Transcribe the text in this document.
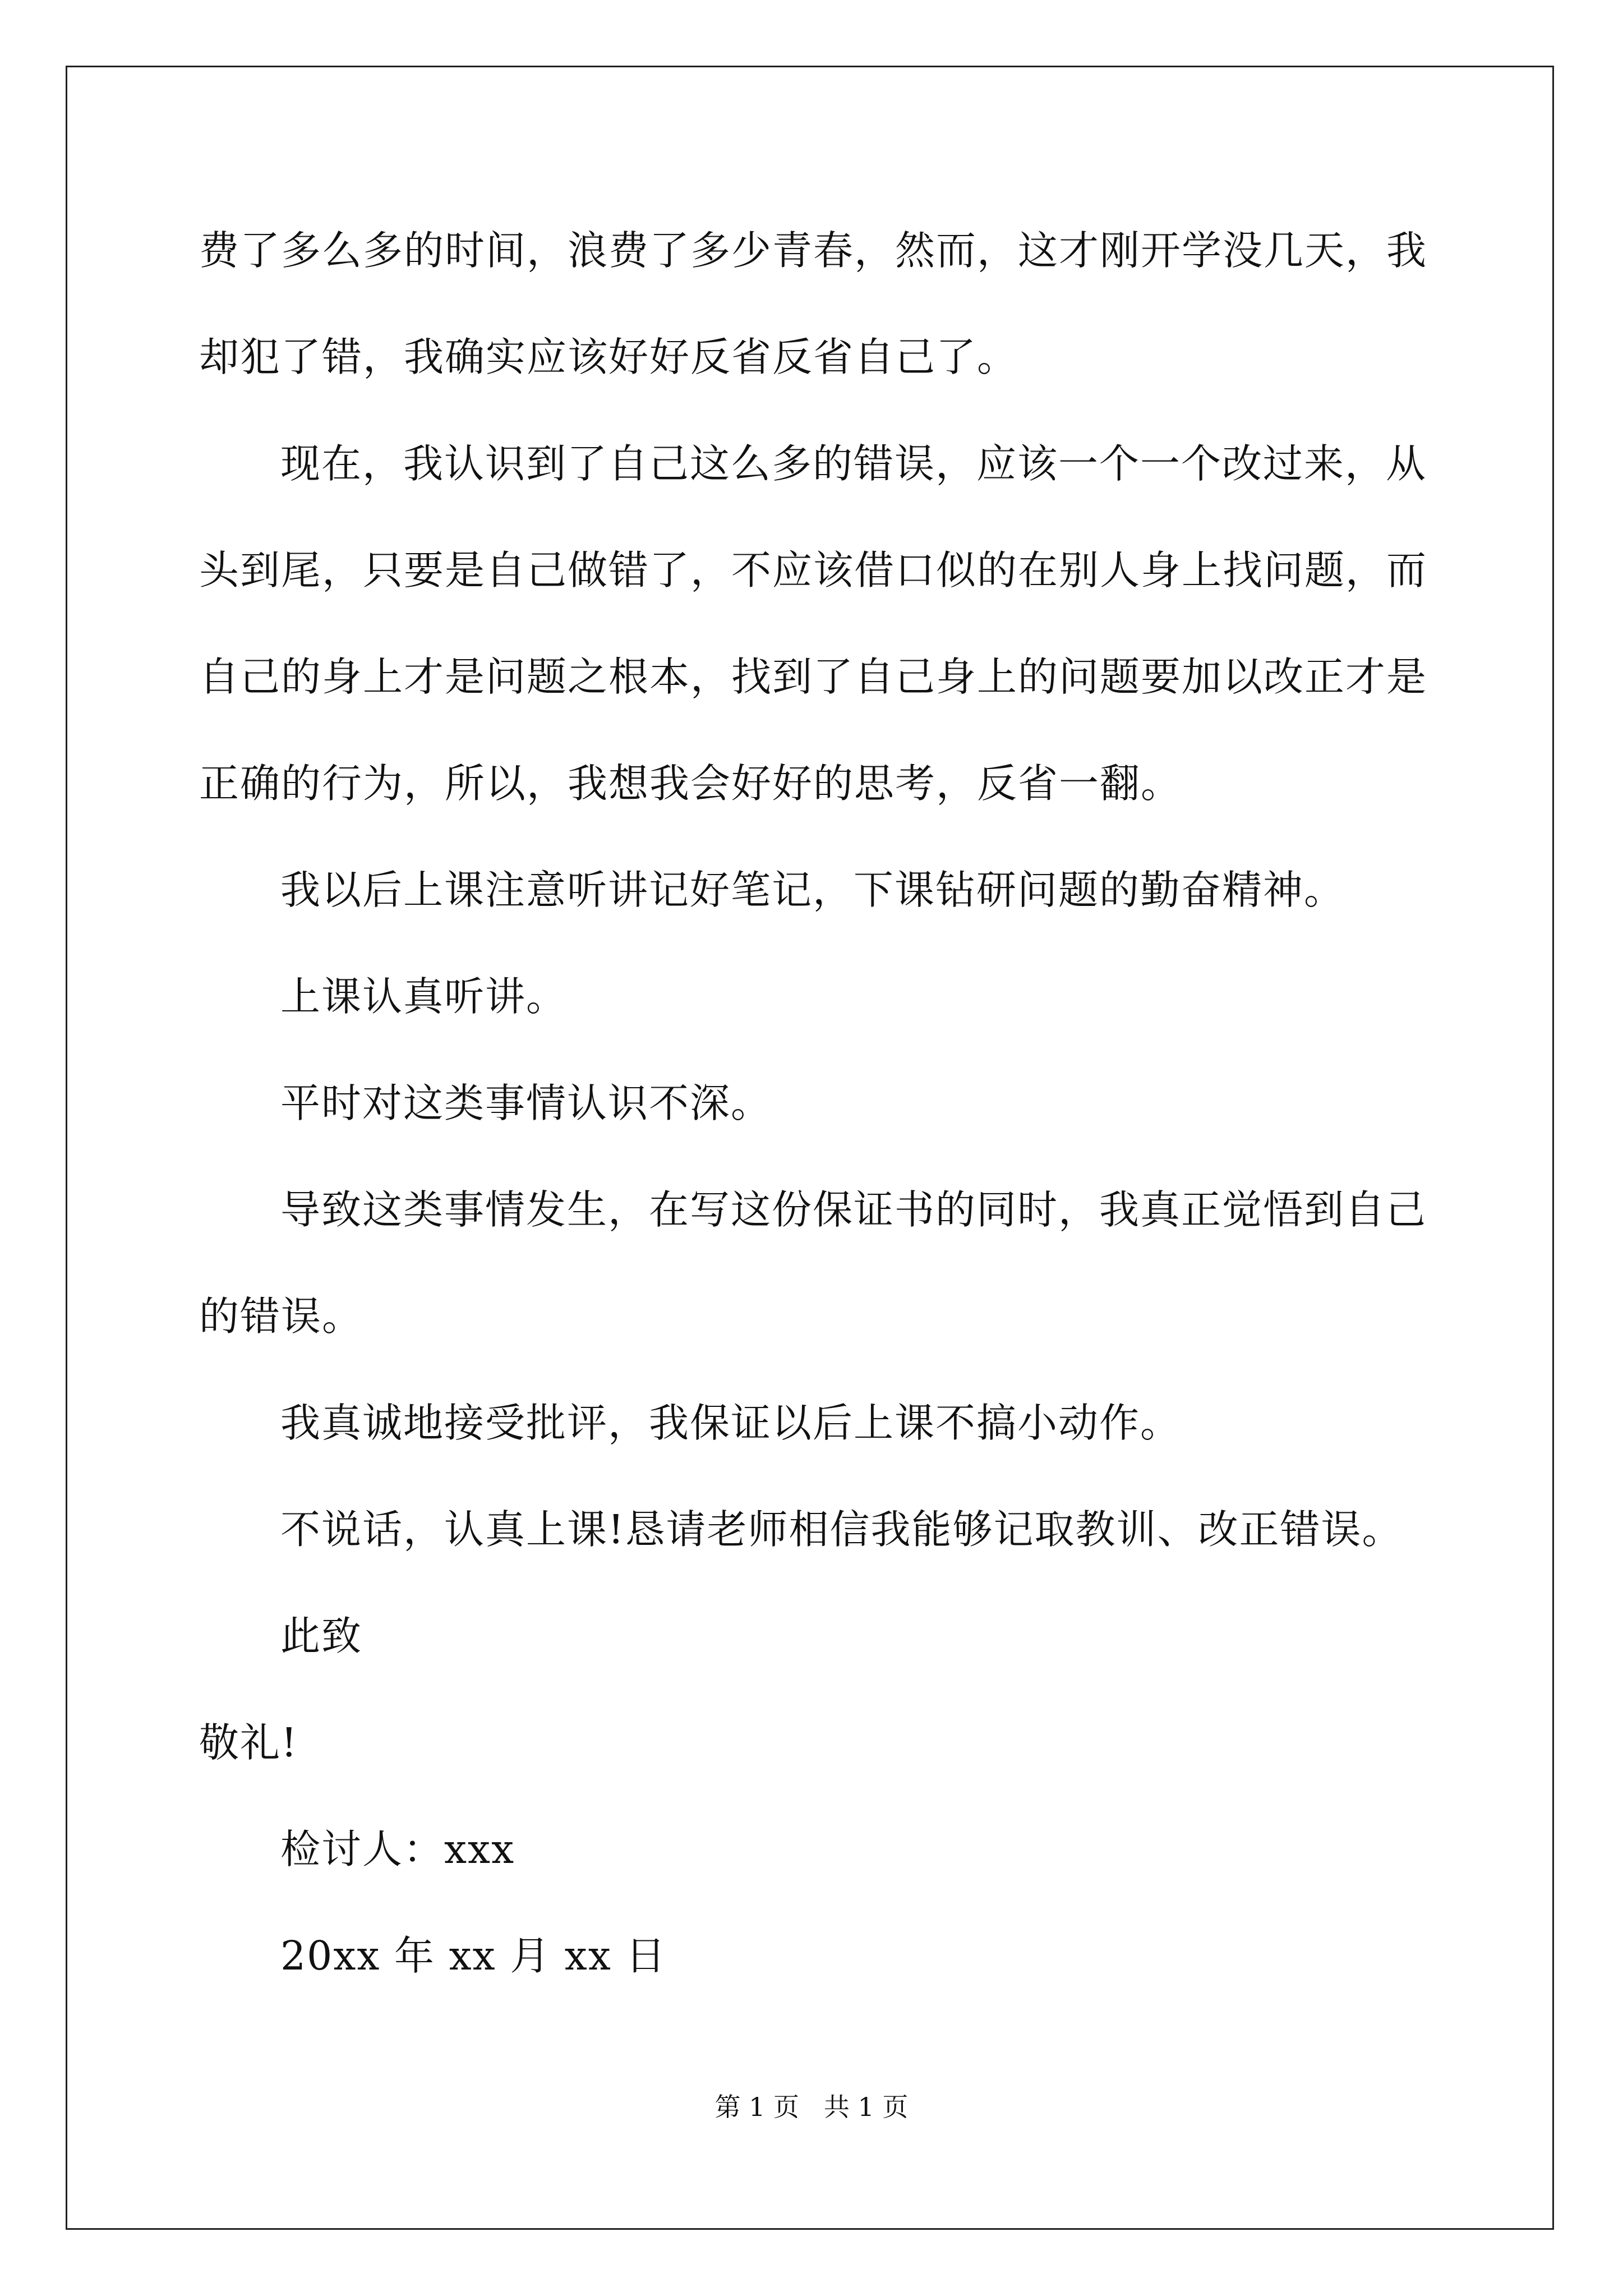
费了多么多的时间，浪费了多少青春，然而，这才刚开学没几天，我
却犯了错，我确实应该好好反省反省自己了。
现在，我认识到了自己这么多的错误，应该一个一个改过来，从
头到尾，只要是自己做错了，不应该借口似的在别人身上找问题，而
自己的身上才是问题之根本，找到了自己身上的问题要加以改正才是
正确的行为，所以，我想我会好好的思考，反省一翻。
我以后上课注意听讲记好笔记，下课钻研问题的勤奋精神。
上课认真听讲。
平时对这类事情认识不深。
导致这类事情发生，在写这份保证书的同时，我真正觉悟到自己
的错误。
我真诚地接受批评，我保证以后上课不搞小动作。
不说话，认真上课!恳请老师相信我能够记取教训、改正错误。
此致
敬礼!
检讨人：xxx
20xx 年 xx 月 xx 日
第 1 页   共 1 页
